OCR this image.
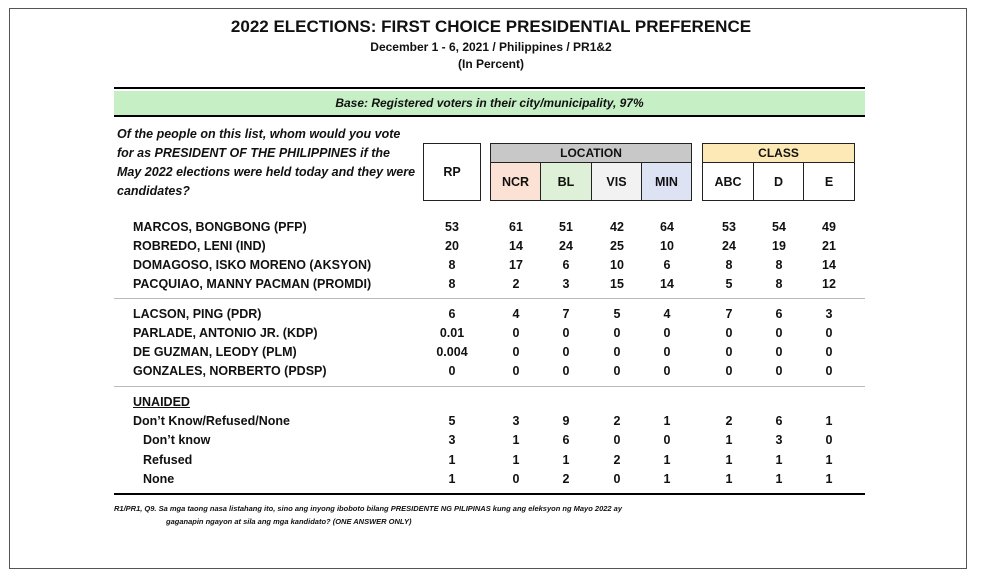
2022 ELECTIONS: FIRST CHOICE PRESIDENTIAL PREFERENCE
December 1 - 6, 2021 / Philippines / PR1&2
(In Percent)
Base: Registered voters in their city/municipality, 97%
Of the people on this list, whom would you vote for as PRESIDENT OF THE PHILIPPINES if the May 2022 elections were held today and they were candidates?
RP
LOCATION
NCR	BL	VIS	MIN
CLASS
ABC	D	E
MARCOS, BONGBONG (PFP)	53	61	51	42	64	53	54	49
ROBREDO, LENI (IND)	20	14	24	25	10	24	19	21
DOMAGOSO, ISKO MORENO (AKSYON)	8	17	6	10	6	8	8	14
PACQUIAO, MANNY PACMAN (PROMDI)	8	2	3	15	14	5	8	12
LACSON, PING (PDR)	6	4	7	5	4	7	6	3
PARLADE, ANTONIO JR. (KDP)	0.01	0	0	0	0	0	0	0
DE GUZMAN, LEODY (PLM)	0.004	0	0	0	0	0	0	0
GONZALES, NORBERTO (PDSP)	0	0	0	0	0	0	0	0
UNAIDED
Don’t Know/Refused/None	5	3	9	2	1	2	6	1
Don’t know	3	1	6	0	0	1	3	0
Refused	1	1	1	2	1	1	1	1
None	1	0	2	0	1	1	1	1
R1/PR1, Q9. Sa mga taong nasa listahang ito, sino ang inyong iboboto bilang PRESIDENTE NG PILIPINAS kung ang eleksyon ng Mayo 2022 ay
gaganapin ngayon at sila ang mga kandidato? (ONE ANSWER ONLY)
